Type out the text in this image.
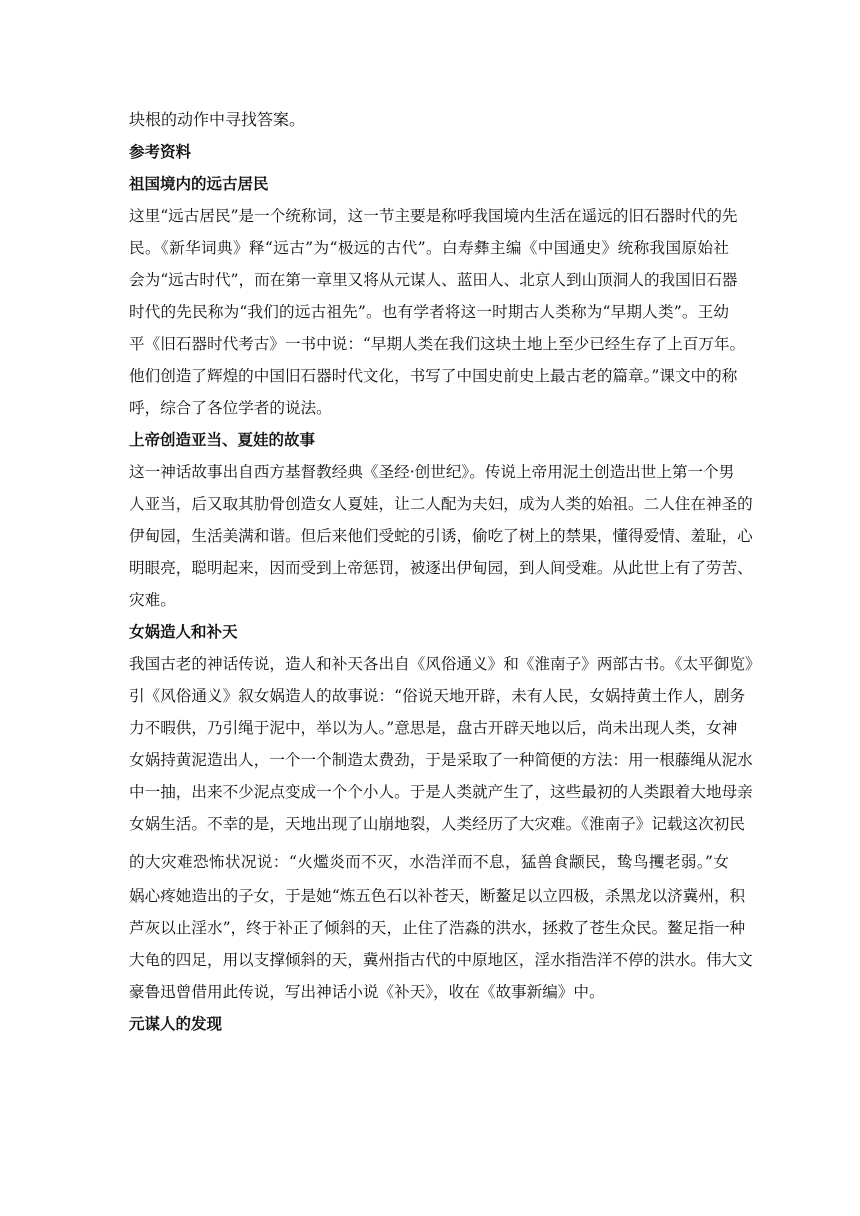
块根的动作中寻找答案。

参考资料

祖国境内的远古居民

这里“远古居民”是一个统称词，这一节主要是称呼我国境内生活在遥远的旧石器时代的先

民。《新华词典》释“远古”为“极远的古代”。白寿彝主编《中国通史》统称我国原始社

会为“远古时代”，而在第一章里又将从元谋人、蓝田人、北京人到山顶洞人的我国旧石器

时代的先民称为“我们的远古祖先”。也有学者将这一时期古人类称为“早期人类”。王幼

平《旧石器时代考古》一书中说：“早期人类在我们这块土地上至少已经生存了上百万年。

他们创造了辉煌的中国旧石器时代文化，书写了中国史前史上最古老的篇章。”课文中的称

呼，综合了各位学者的说法。

上帝创造亚当、夏娃的故事

这一神话故事出自西方基督教经典《圣经·创世纪》。传说上帝用泥土创造出世上第一个男

人亚当，后又取其肋骨创造女人夏娃，让二人配为夫妇，成为人类的始祖。二人住在神圣的

伊甸园，生活美满和谐。但后来他们受蛇的引诱，偷吃了树上的禁果，懂得爱情、羞耻，心

明眼亮，聪明起来，因而受到上帝惩罚，被逐出伊甸园，到人间受难。从此世上有了劳苦、

灾难。

女娲造人和补天

我国古老的神话传说，造人和补天各出自《风俗通义》和《淮南子》两部古书。《太平御览》

引《风俗通义》叙女娲造人的故事说：“俗说天地开辟，未有人民，女娲持黄土作人，剧务

力不暇供，乃引绳于泥中，举以为人。”意思是，盘古开辟天地以后，尚未出现人类，女神

女娲持黄泥造出人，一个一个制造太费劲，于是采取了一种简便的方法：用一根藤绳从泥水

中一抽，出来不少泥点变成一个个小人。于是人类就产生了，这些最初的人类跟着大地母亲

女娲生活。不幸的是，天地出现了山崩地裂，人类经历了大灾难。《淮南子》记载这次初民

的大灾难恐怖状况说：“火爁炎而不灭，水浩洋而不息，猛兽食颛民，鸷鸟攫老弱。”女

娲心疼她造出的子女，于是她“炼五色石以补苍天，断鳌足以立四极，杀黑龙以济冀州，积

芦灰以止淫水”，终于补正了倾斜的天，止住了浩淼的洪水，拯救了苍生众民。鳌足指一种

大龟的四足，用以支撑倾斜的天，冀州指古代的中原地区，淫水指浩洋不停的洪水。伟大文

豪鲁迅曾借用此传说，写出神话小说《补天》，收在《故事新编》中。

元谋人的发现
